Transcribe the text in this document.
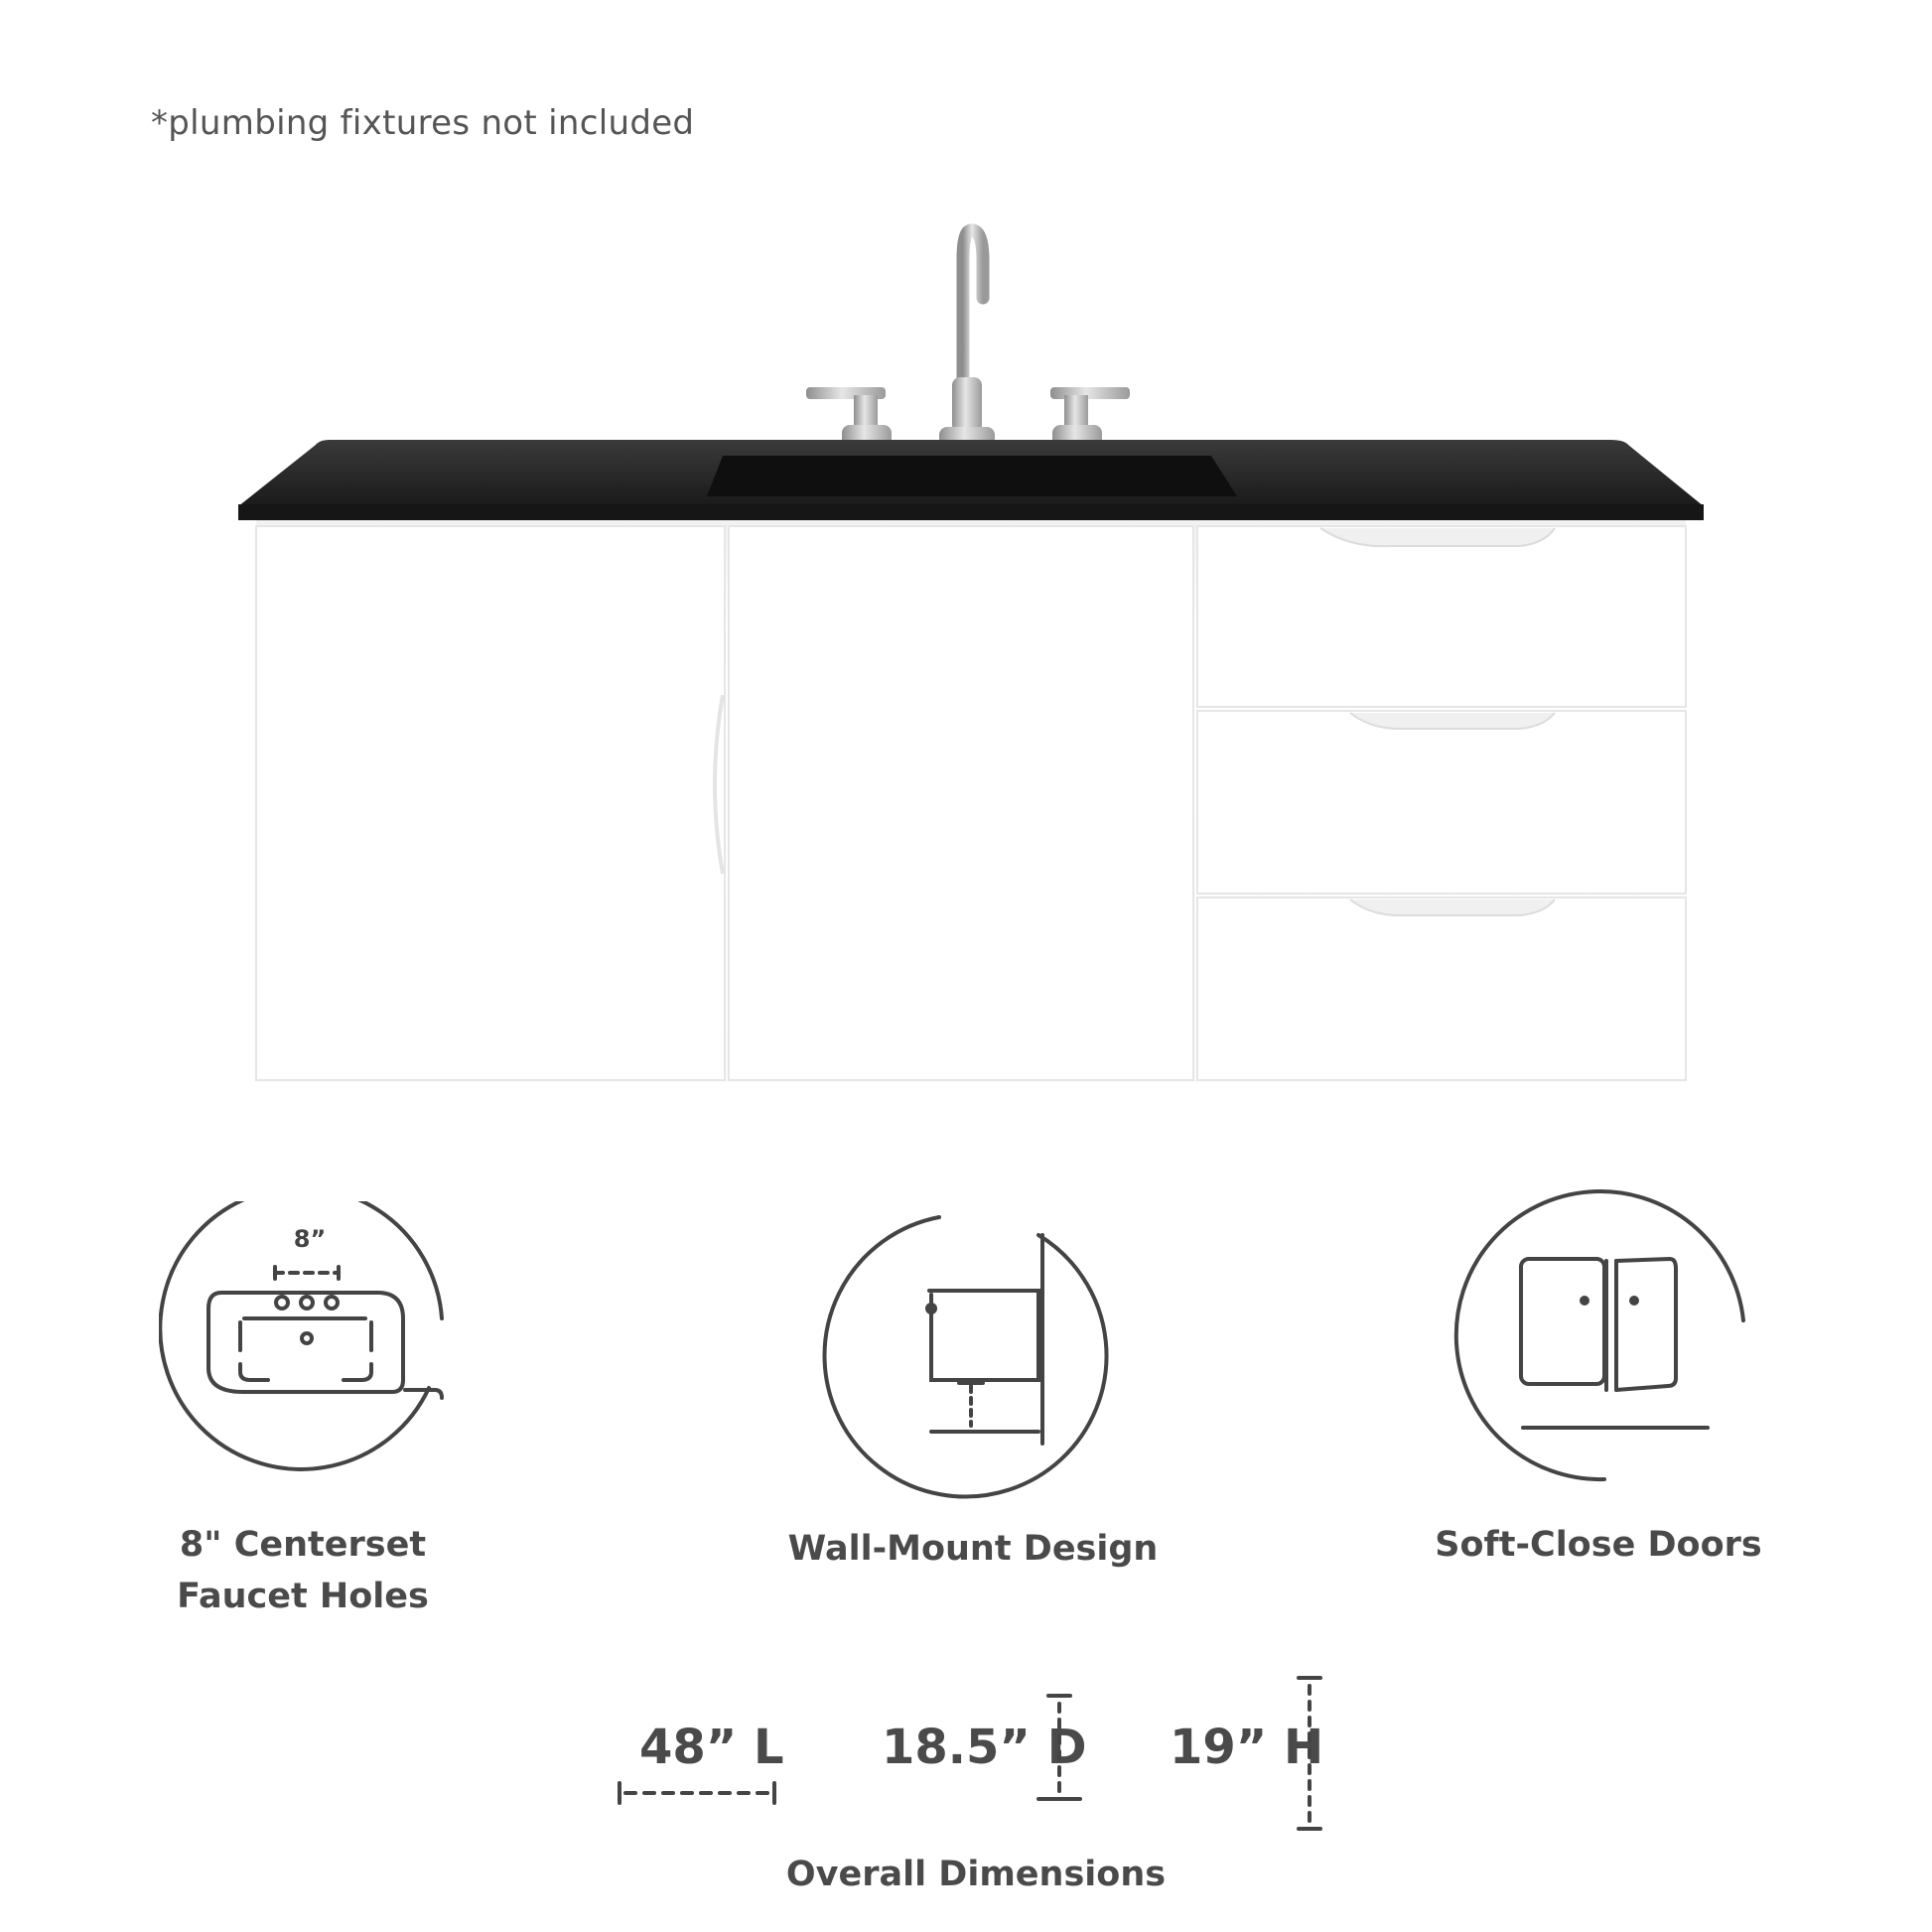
*plumbing fixtures not included
8”
8" Centerset
Faucet Holes
Wall-Mount Design	Soft-Close Doors
48” L 18.5” D 19” H
Overall Dimensions
